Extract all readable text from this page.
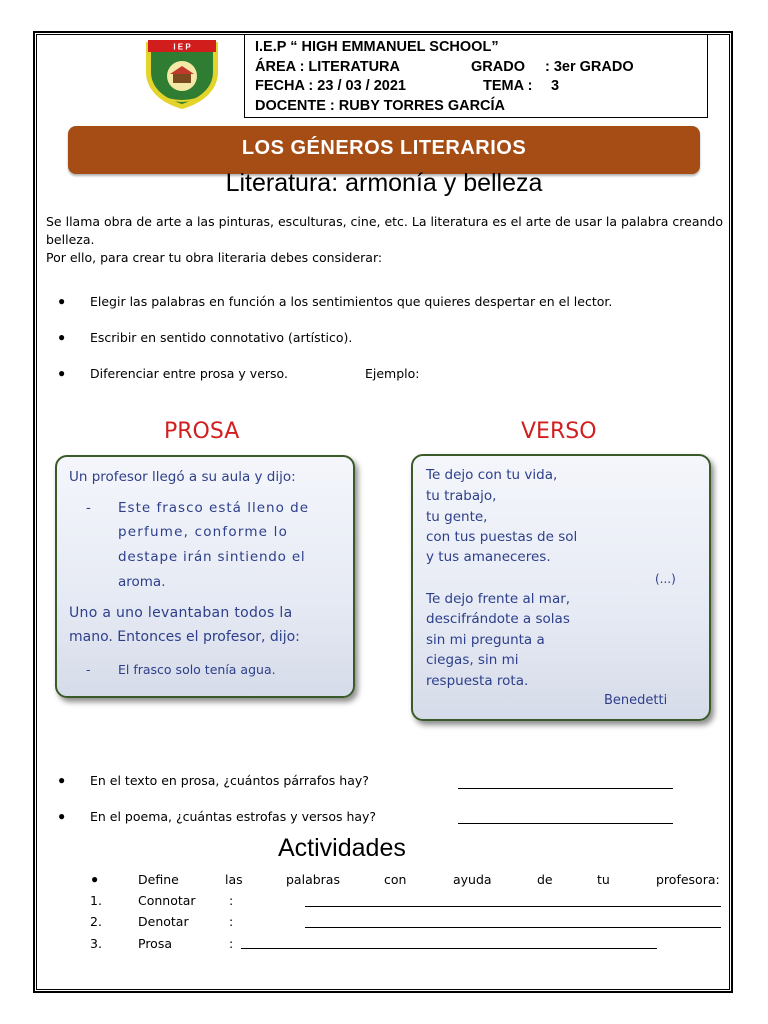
I E P	I.E.P “ HIGH EMMANUEL SCHOOL”
ÁREA : LITERATURA	GRADO : 3er GRADO
FECHA : 23 / 03 / 2021	TEMA : 3
DOCENTE : RUBY TORRES GARCÍA
LOS GÉNEROS LITERARIOS
Literatura: armonía y belleza
Se llama obra de arte a las pinturas, esculturas, cine, etc. La literatura es el arte de usar la palabra creando
belleza.
Por ello, para crear tu obra literaria debes considerar:
● Elegir las palabras en función a los sentimientos que quieres despertar en el lector.
● Escribir en sentido connotativo (artístico).
● Diferenciar entre prosa y verso.	Ejemplo:
PROSA	VERSO
Un profesor llegó a su aula y dijo:
- Este frasco está lleno de
perfume, conforme lo
destape irán sintiendo el
aroma.
Uno a uno levantaban todos la
mano. Entonces el profesor, dijo:
- El frasco solo tenía agua.
Te dejo con tu vida,
tu trabajo,
tu gente,
con tus puestas de sol
y tus amaneceres.
(...)
Te dejo frente al mar,
descifrándote a solas
sin mi pregunta a
ciegas, sin mi
respuesta rota.
Benedetti
● En el texto en prosa, ¿cuántos párrafos hay?
● En el poema, ¿cuántas estrofas y versos hay?
Actividades
●	Define	las	palabras	con	ayuda	de	tu	profesora:
1.	Connotar	:
2.	Denotar	:
3.	Prosa	:
